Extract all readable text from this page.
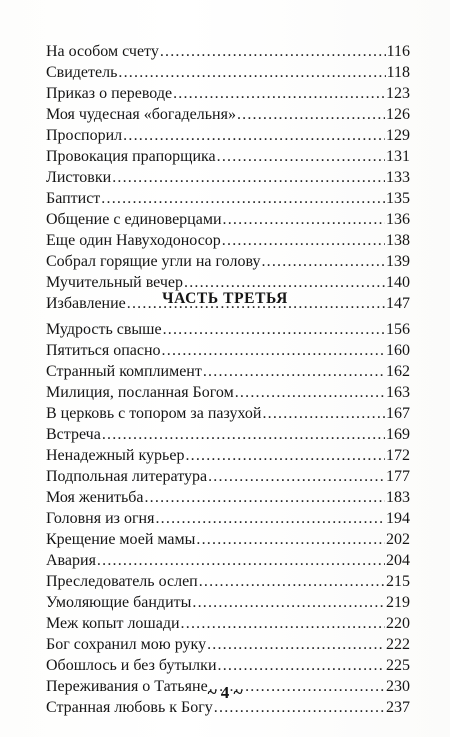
На особом счету .....	116
Свидетель .....	118
Приказ о переводе .....	123
Моя чудесная «богадельня» .....	126
Проспорил .....	129
Провокация прапорщика .....	131
Листовки .....	133
Баптист .....	135
Общение с единоверцами .....	136
Еще один Навуходоносор .....	138
Собрал горящие угли на голову .....	139
Мучительный вечер .....	140
Избавление .....	147
ЧАСТЬ ТРЕТЬЯ
Мудрость свыше .....	156
Пятиться опасно .....	160
Странный комплимент .....	162
Милиция, посланная Богом .....	163
В церковь с топором за пазухой .....	167
Встреча .....	169
Ненадежный курьер .....	172
Подпольная литература .....	177
Моя женитьба .....	183
Головня из огня .....	194
Крещение моей мамы .....	202
Авария .....	204
Преследователь ослеп .....	215
Умоляющие бандиты .....	219
Меж копыт лошади .....	220
Бог сохранил мою руку .....	222
Обошлось и без бутылки .....	225
Переживания о Татьяне .....	230
Странная любовь к Богу .....	237
~ 4 ~
